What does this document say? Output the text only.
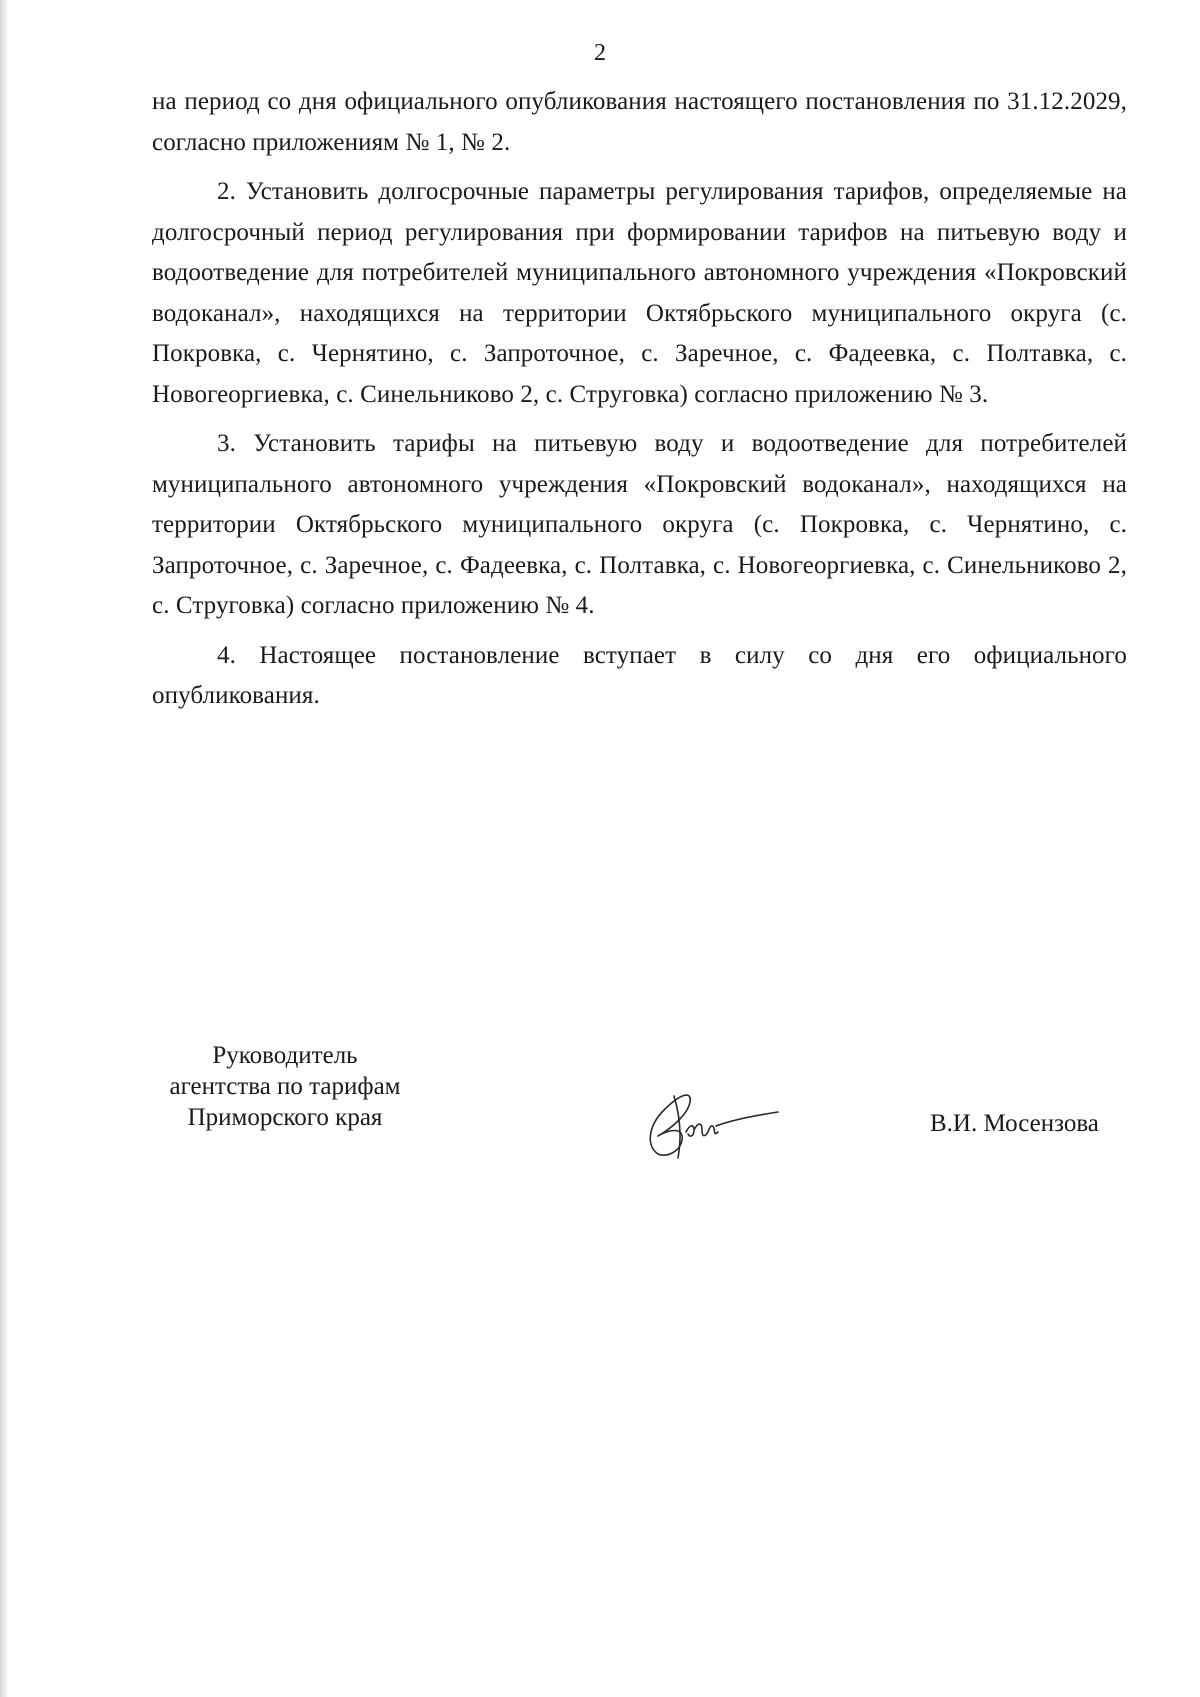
2

на период со дня официального опубликования настоящего постановления по 31.12.2029, согласно приложениям № 1, № 2.

2. Установить долгосрочные параметры регулирования тарифов, определяемые на долгосрочный период регулирования при формировании тарифов на питьевую воду и водоотведение для потребителей муниципального автономного учреждения «Покровский водоканал», находящихся на территории Октябрьского муниципального округа (с. Покровка, с. Чернятино, с. Запроточное, с. Заречное, с. Фадеевка, с. Полтавка, с. Новогеоргиевка, с. Синельниково 2, с. Струговка) согласно приложению № 3.

3. Установить тарифы на питьевую воду и водоотведение для потребителей муниципального автономного учреждения «Покровский водоканал», находящихся на территории Октябрьского муниципального округа (с. Покровка, с. Чернятино, с. Запроточное, с. Заречное, с. Фадеевка, с. Полтавка, с. Новогеоргиевка, с. Синельниково 2, с. Струговка) согласно приложению № 4.

4. Настоящее постановление вступает в силу со дня его официального опубликования.

Руководитель
агентства по тарифам
Приморского края	В.И. Мосензова
